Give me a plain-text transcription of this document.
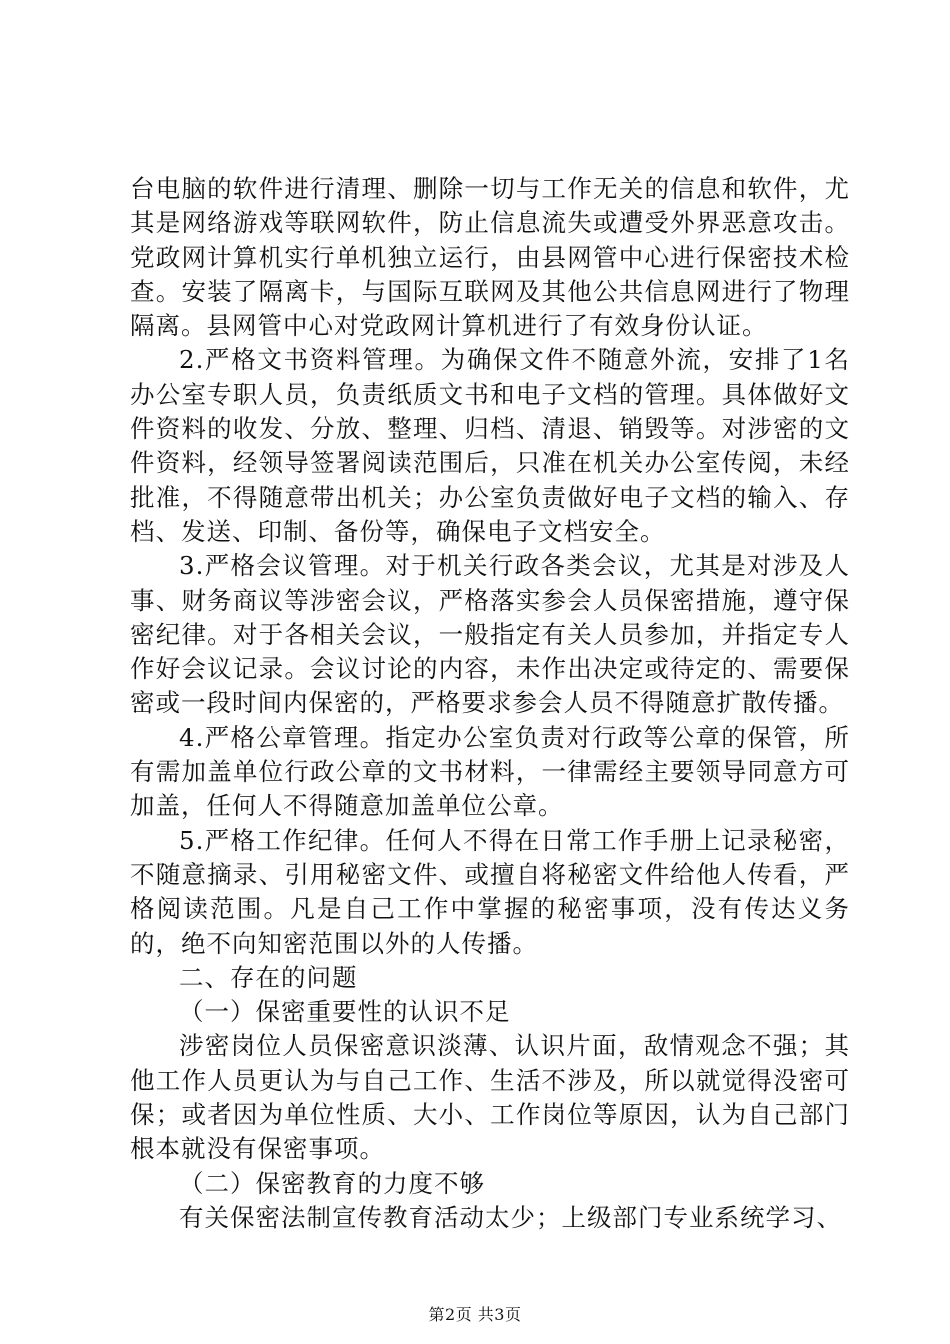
台电脑的软件进行清理、删除一切与工作无关的信息和软件，尤其是网络游戏等联网软件，防止信息流失或遭受外界恶意攻击。党政网计算机实行单机独立运行，由县网管中心进行保密技术检查。安装了隔离卡，与国际互联网及其他公共信息网进行了物理隔离。县网管中心对党政网计算机进行了有效身份认证。

2.严格文书资料管理。为确保文件不随意外流，安排了1名办公室专职人员，负责纸质文书和电子文档的管理。具体做好文件资料的收发、分放、整理、归档、清退、销毁等。对涉密的文件资料，经领导签署阅读范围后，只准在机关办公室传阅，未经批准，不得随意带出机关；办公室负责做好电子文档的输入、存档、发送、印制、备份等，确保电子文档安全。

3.严格会议管理。对于机关行政各类会议，尤其是对涉及人事、财务商议等涉密会议，严格落实参会人员保密措施，遵守保密纪律。对于各相关会议，一般指定有关人员参加，并指定专人作好会议记录。会议讨论的内容，未作出决定或待定的、需要保密或一段时间内保密的，严格要求参会人员不得随意扩散传播。

4.严格公章管理。指定办公室负责对行政等公章的保管，所有需加盖单位行政公章的文书材料，一律需经主要领导同意方可加盖，任何人不得随意加盖单位公章。

5.严格工作纪律。任何人不得在日常工作手册上记录秘密，不随意摘录、引用秘密文件、或擅自将秘密文件给他人传看，严格阅读范围。凡是自己工作中掌握的秘密事项，没有传达义务的，绝不向知密范围以外的人传播。

二、存在的问题

（一）保密重要性的认识不足

涉密岗位人员保密意识淡薄、认识片面，敌情观念不强；其他工作人员更认为与自己工作、生活不涉及，所以就觉得没密可保；或者因为单位性质、大小、工作岗位等原因，认为自己部门根本就没有保密事项。

（二）保密教育的力度不够

有关保密法制宣传教育活动太少；上级部门专业系统学习、

第2页 共3页
